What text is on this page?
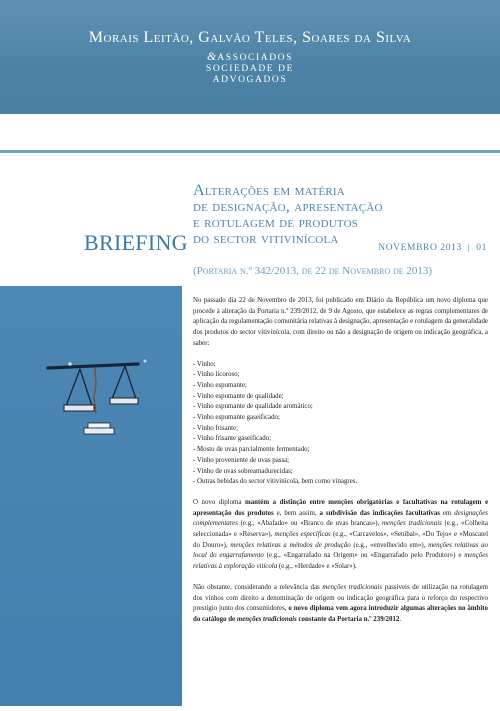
Morais Leitão, Galvão Teles, Soares da Silva
&ASSOCIADOS
SOCIEDADE DE
ADVOGADOS
BRIEFING	NOVEMBRO 2013 | 01
Alterações em matéria
de designação, apresentação
e rotulagem de produtos
do sector vitivinícola
(Portaria n.º 342/2013, de 22 de Novembro de 2013)

No passado dia 22 de Novembro de 2013, foi publicado em Diário da República um novo diploma que procede à alteração da Portaria n.º 239/2012, de 9 de Agosto, que estabelece as regras complementares de aplicação da regulamentação comunitária relativas à designação, apresentação e rotulagem da generalidade dos produtos do sector vitivinícola, com direito ou não a designação de origem ou indicação geográfica, a saber:

- Vinho;
- Vinho licoroso;
- Vinho espumante;
- Vinho espumante de qualidade;
- Vinho espumante de qualidade aromático;
- Vinho espumante gaseificado;
- Vinho frisante;
- Vinho frisante gaseificado;
- Mosto de uvas parcialmente fermentado;
- Vinho proveniente de uvas passa;
- Vinho de uvas sobreamadurecidas;
- Outras bebidas do sector vitivinícola, bem como vinagres.

O novo diploma mantém a distinção entre menções obrigatórias e facultativas na rotulagem e apresentação dos produtos e, bem assim, a subdivisão das indicações facultativas em designações complementares (e.g., «Abafado» ou «Branco de uvas brancas»), menções tradicionais (e.g., «Colheita seleccionada» e «Reserva»), menções específicas (e.g., «Carcavelos», «Setúbal», «Do Tejo» e «Moscatel do Douro»), menções relativas a métodos de produção (e.g., «envelhecido em»), menções relativas ao local do engarrafamento (e.g., «Engarrafado na Origem» ou «Engarrafado pelo Produtor») e menções relativas à exploração vitícola (e.g., «Herdade» e «Solar»).

Não obstante, considerando a relevância das menções tradicionais passíveis de utilização na rotulagem dos vinhos com direito a denominação de origem ou indicação geográfica para o reforço do respectivo prestígio junto dos consumidores, o novo diploma vem agora introduzir algumas alterações no âmbito do catálogo de menções tradicionais constante da Portaria n.º 239/2012.
